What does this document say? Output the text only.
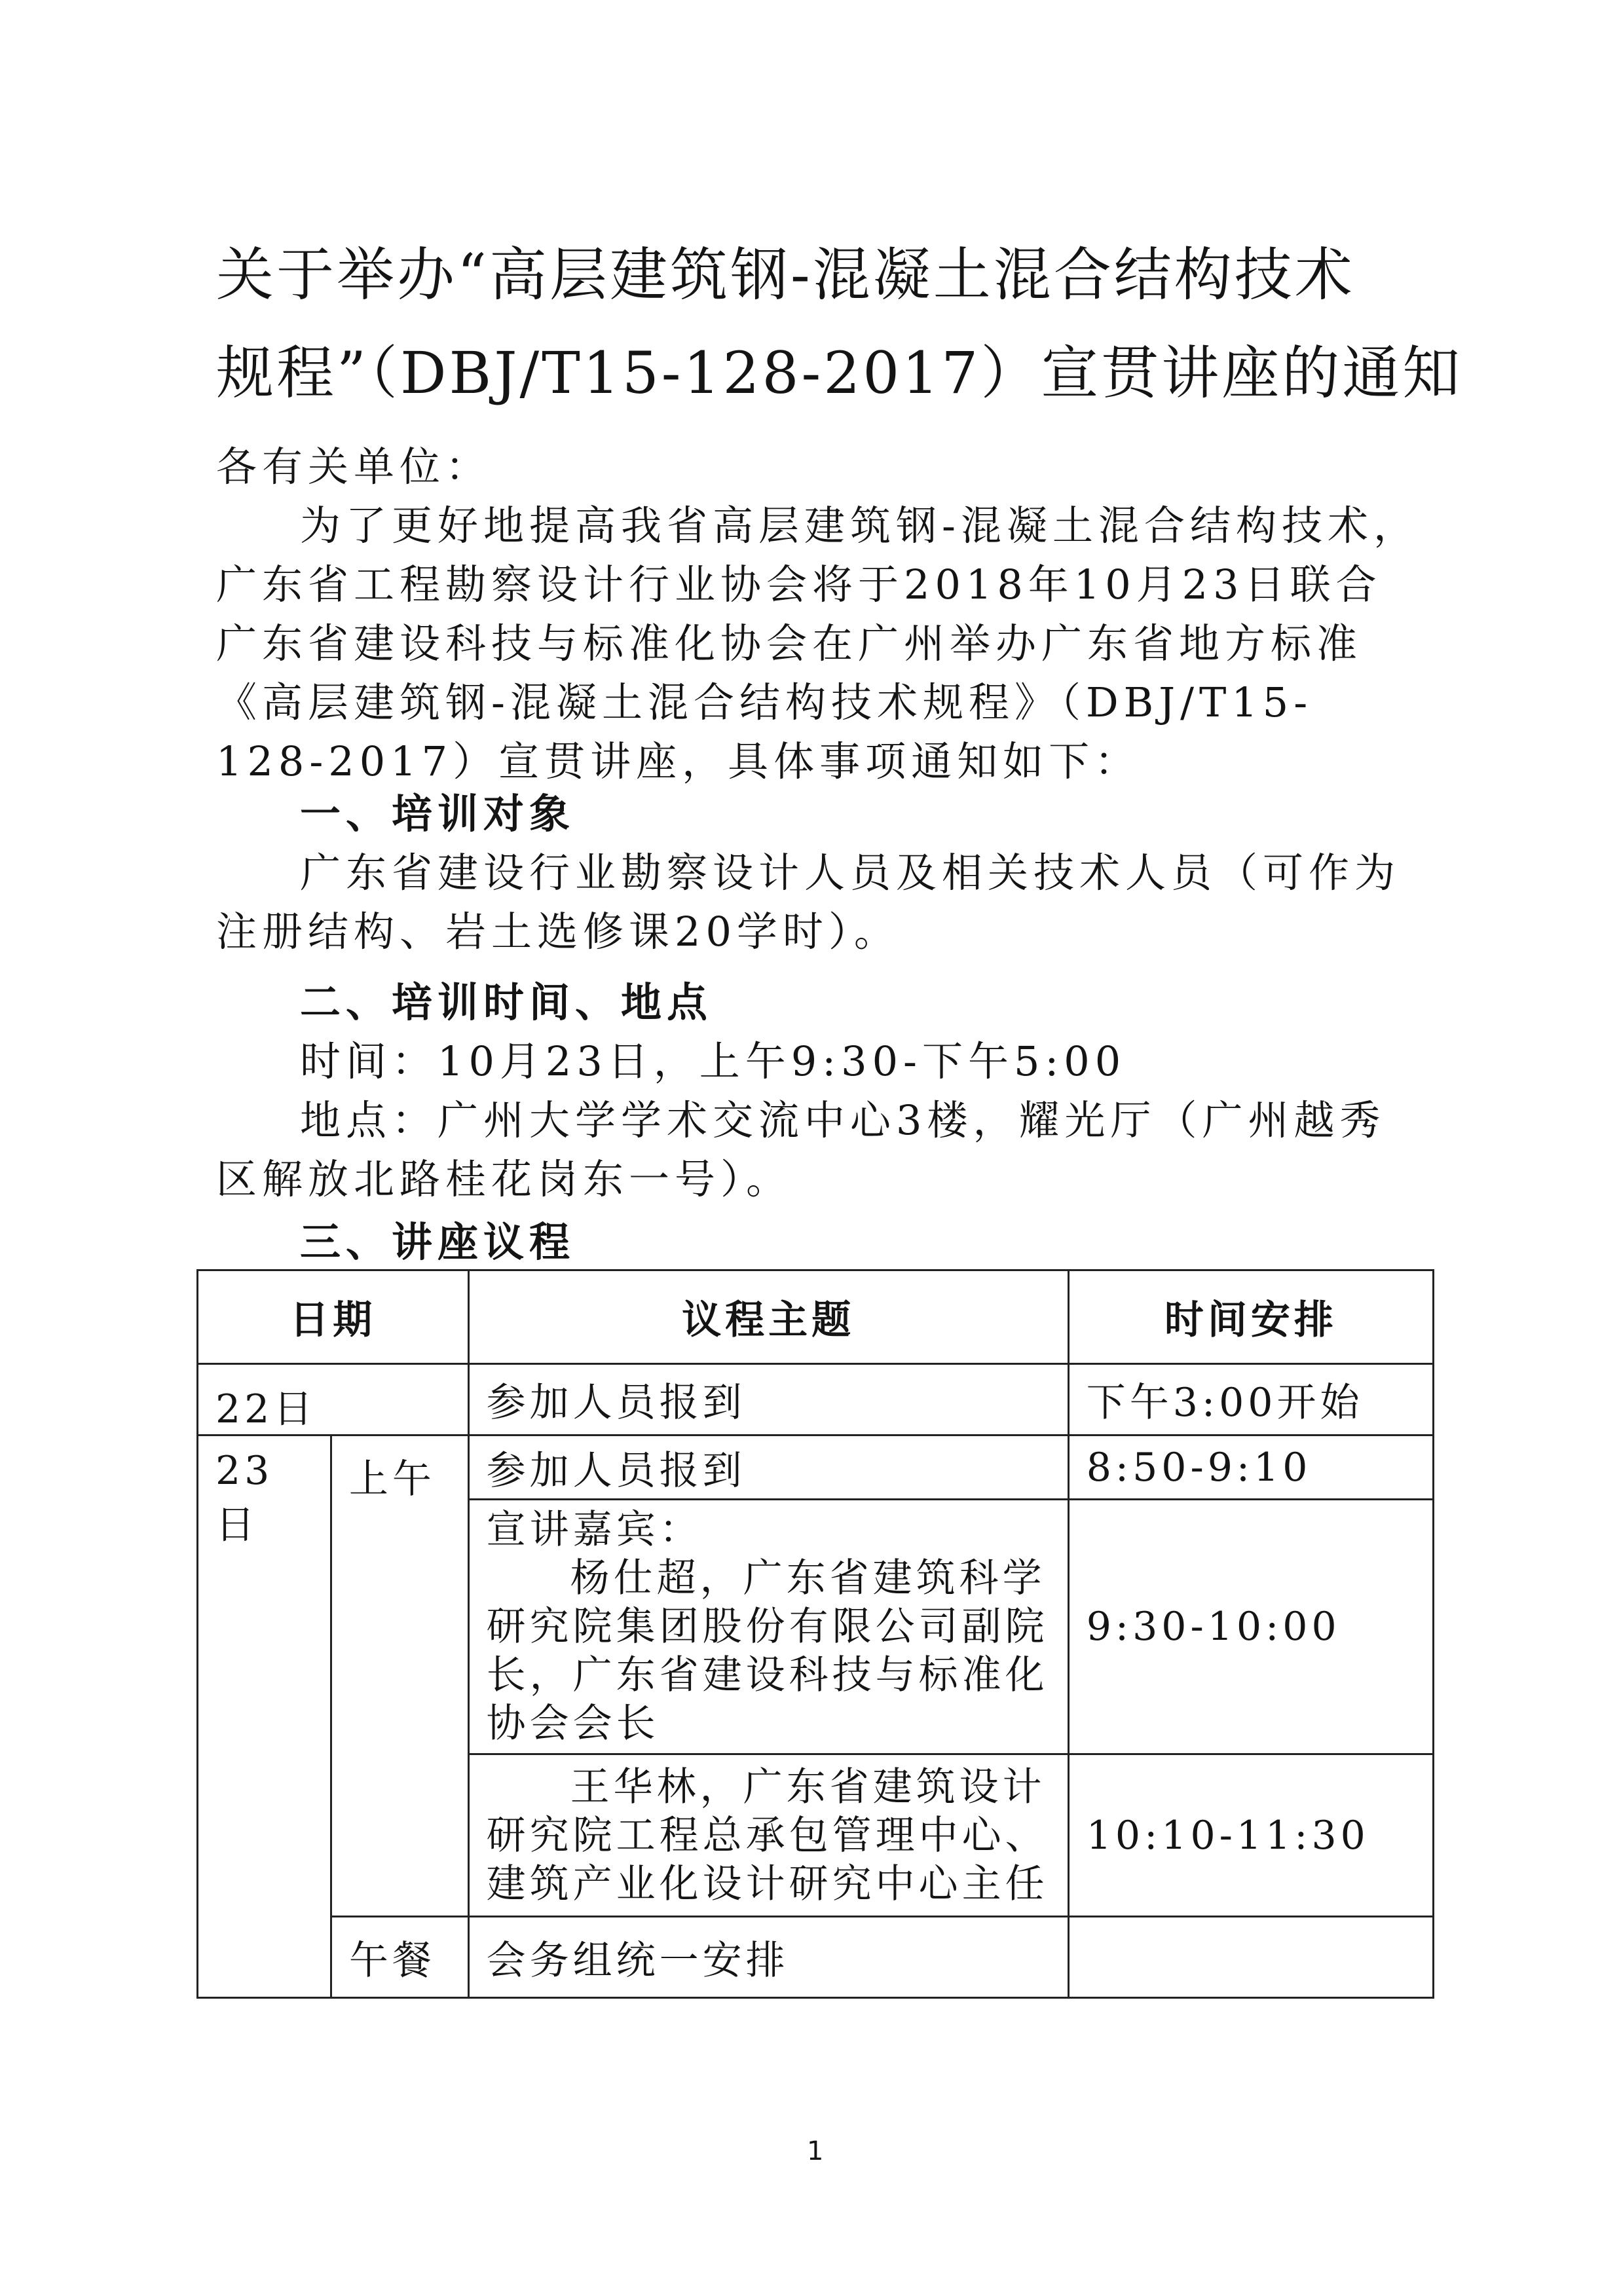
关于举办“高层建筑钢-混凝土混合结构技术
规程”（DBJ/T15-128-2017）宣贯讲座的通知

各有关单位：

为了更好地提高我省高层建筑钢-混凝土混合结构技术，广东省工程勘察设计行业协会将于2018年10月23日联合广东省建设科技与标准化协会在广州举办广东省地方标准《高层建筑钢-混凝土混合结构技术规程》（DBJ/T15-128-2017）宣贯讲座，具体事项通知如下：

一、培训对象

广东省建设行业勘察设计人员及相关技术人员（可作为注册结构、岩土选修课20学时）。

二、培训时间、地点

时间：10月23日，上午9:30-下午5:00

地点：广州大学学术交流中心3楼，耀光厅（广州越秀区解放北路桂花岗东一号）。

三、讲座议程

日期		议程主题	时间安排
22日		参加人员报到	下午3:00开始
23日	上午	参加人员报到	8:50-9:10

		宣讲嘉宾：
杨仕超，广东省建筑科学
研究院集团股份有限公司副院
长，广东省建设科技与标准化
协会会长	9:30-10:00

		王华林，广东省建筑设计
研究院工程总承包管理中心、
建筑产业化设计研究中心主任	10:10-11:30
	午餐	会务组统一安排	
1
